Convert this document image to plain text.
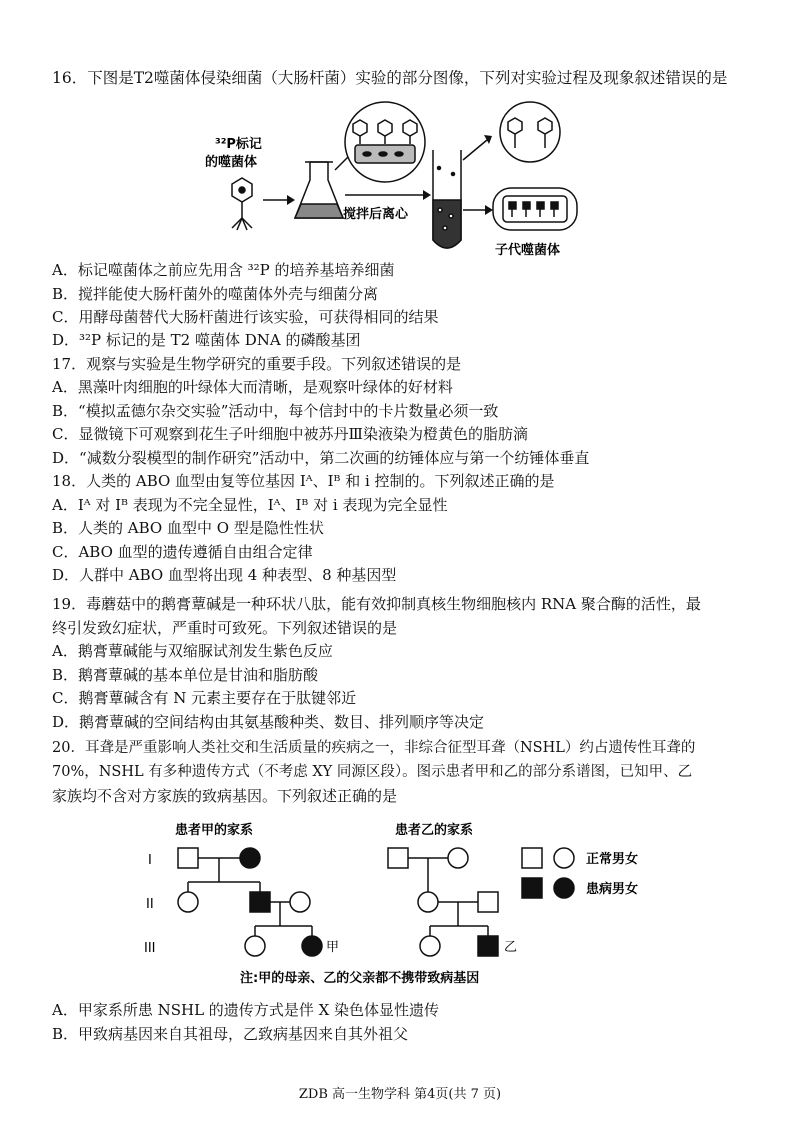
16．下图是T2噬菌体侵染细菌（大肠杆菌）实验的部分图像，下列对实验过程及现象叙述错误的是
³²P标记
的噬菌体
搅拌后离心
子代噬菌体
A．标记噬菌体之前应先用含 ³²P 的培养基培养细菌
B．搅拌能使大肠杆菌外的噬菌体外壳与细菌分离
C．用酵母菌替代大肠杆菌进行该实验，可获得相同的结果
D．³²P 标记的是 T2 噬菌体 DNA 的磷酸基团
17．观察与实验是生物学研究的重要手段。下列叙述错误的是
A．黑藻叶肉细胞的叶绿体大而清晰，是观察叶绿体的好材料
B．“模拟孟德尔杂交实验”活动中，每个信封中的卡片数量必须一致
C．显微镜下可观察到花生子叶细胞中被苏丹Ⅲ染液染为橙黄色的脂肪滴
D．“减数分裂模型的制作研究”活动中，第二次画的纺锤体应与第一个纺锤体垂直
18．人类的 ABO 血型由复等位基因 Iᴬ、Iᴮ 和 i 控制的。下列叙述正确的是
A．Iᴬ 对 Iᴮ 表现为不完全显性，Iᴬ、Iᴮ 对 i 表现为完全显性
B．人类的 ABO 血型中 O 型是隐性性状
C．ABO 血型的遗传遵循自由组合定律
D．人群中 ABO 血型将出现 4 种表型、8 种基因型
19．毒蘑菇中的鹅膏蕈碱是一种环状八肽，能有效抑制真核生物细胞核内 RNA 聚合酶的活性，最
终引发致幻症状，严重时可致死。下列叙述错误的是
A．鹅膏蕈碱能与双缩脲试剂发生紫色反应
B．鹅膏蕈碱的基本单位是甘油和脂肪酸
C．鹅膏蕈碱含有 N 元素主要存在于肽键邻近
D．鹅膏蕈碱的空间结构由其氨基酸种类、数目、排列顺序等决定
20．耳聋是严重影响人类社交和生活质量的疾病之一，非综合征型耳聋（NSHL）约占遗传性耳聋的
70%，NSHL 有多种遗传方式（不考虑 XY 同源区段）。图示患者甲和乙的部分系谱图，已知甲、乙
家族均不含对方家族的致病基因。下列叙述正确的是
患者甲的家系	患者乙的家系
I
II
III	甲	乙
正常男女
患病男女
注:甲的母亲、乙的父亲都不携带致病基因
A．甲家系所患 NSHL 的遗传方式是伴 X 染色体显性遗传
B．甲致病基因来自其祖母，乙致病基因来自其外祖父
ZDB 高一生物学科 第4页(共 7 页)
